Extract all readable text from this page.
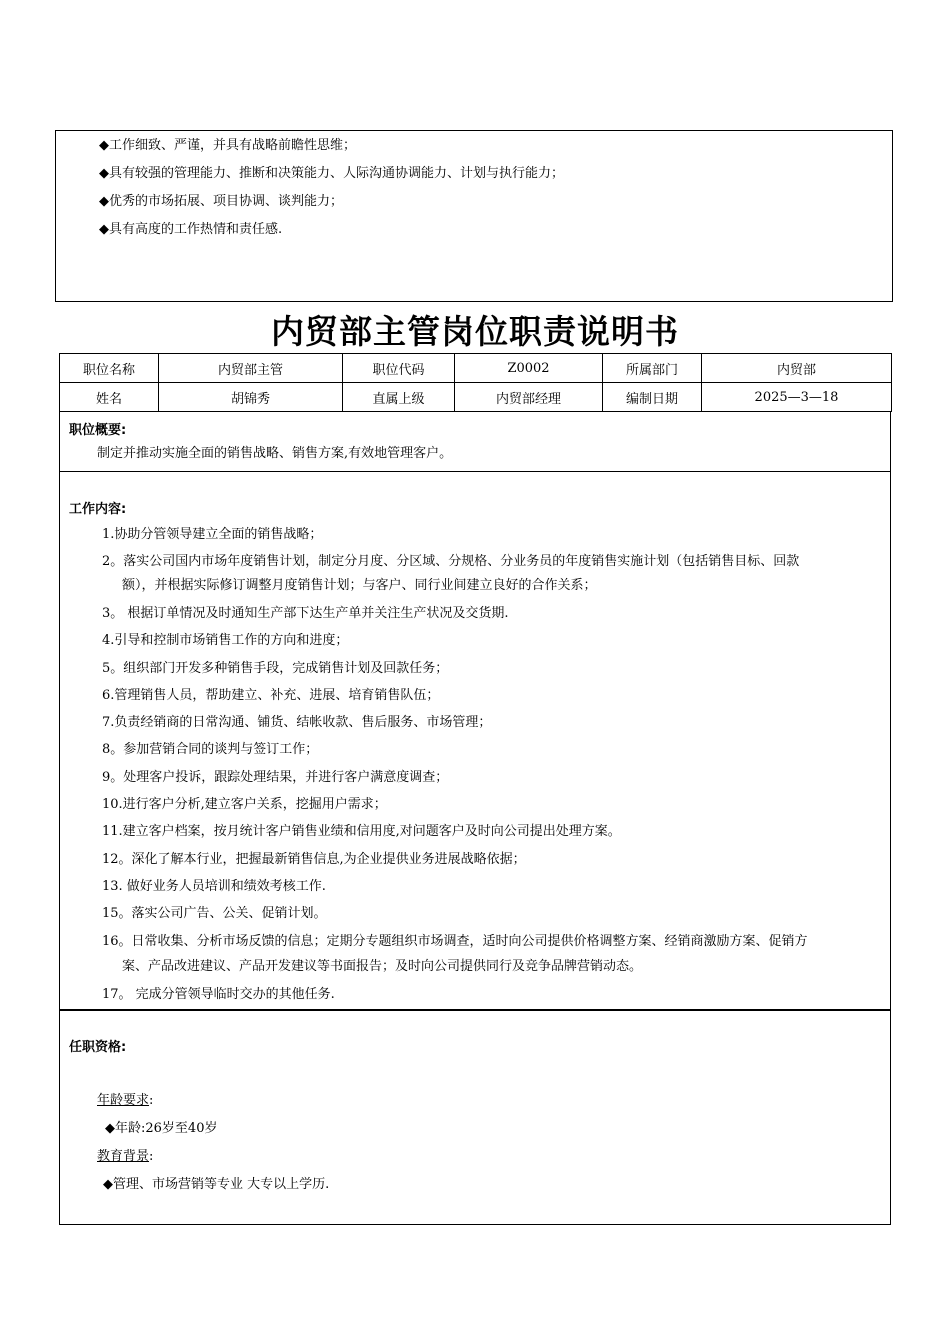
◆工作细致、严谨，并具有战略前瞻性思维；
◆具有较强的管理能力、推断和决策能力、人际沟通协调能力、计划与执行能力；
◆优秀的市场拓展、项目协调、谈判能力；
◆具有高度的工作热情和责任感.
内贸部主管岗位职责说明书
职位名称	内贸部主管	职位代码	Z0002	所属部门	内贸部
姓名	胡锦秀	直属上级	内贸部经理	编制日期	2025—3—18
职位概要:
制定并推动实施全面的销售战略、销售方案,有效地管理客户。
工作内容:
1.协助分管领导建立全面的销售战略；
2。落实公司国内市场年度销售计划，制定分月度、分区域、分规格、分业务员的年度销售实施计划（包括销售目标、回款
额），并根据实际修订调整月度销售计划；与客户、同行业间建立良好的合作关系；
3。 根据订单情况及时通知生产部下达生产单并关注生产状况及交货期.
4.引导和控制市场销售工作的方向和进度；
5。组织部门开发多种销售手段，完成销售计划及回款任务；
6.管理销售人员，帮助建立、补充、进展、培育销售队伍；
7.负责经销商的日常沟通、铺货、结帐收款、售后服务、市场管理；
8。参加营销合同的谈判与签订工作；
9。处理客户投诉，跟踪处理结果，并进行客户满意度调查；
10.进行客户分析,建立客户关系，挖掘用户需求；
11.建立客户档案，按月统计客户销售业绩和信用度,对问题客户及时向公司提出处理方案。
12。深化了解本行业，把握最新销售信息,为企业提供业务进展战略依据；
13. 做好业务人员培训和绩效考核工作.
15。落实公司广告、公关、促销计划。
16。日常收集、分析市场反馈的信息；定期分专题组织市场调查，适时向公司提供价格调整方案、经销商激励方案、促销方
案、产品改进建议、产品开发建议等书面报告；及时向公司提供同行及竞争品牌营销动态。
17。 完成分管领导临时交办的其他任务.
任职资格:
年龄要求:
◆年龄:26岁至40岁
教育背景:
◆管理、市场营销等专业 大专以上学历.
